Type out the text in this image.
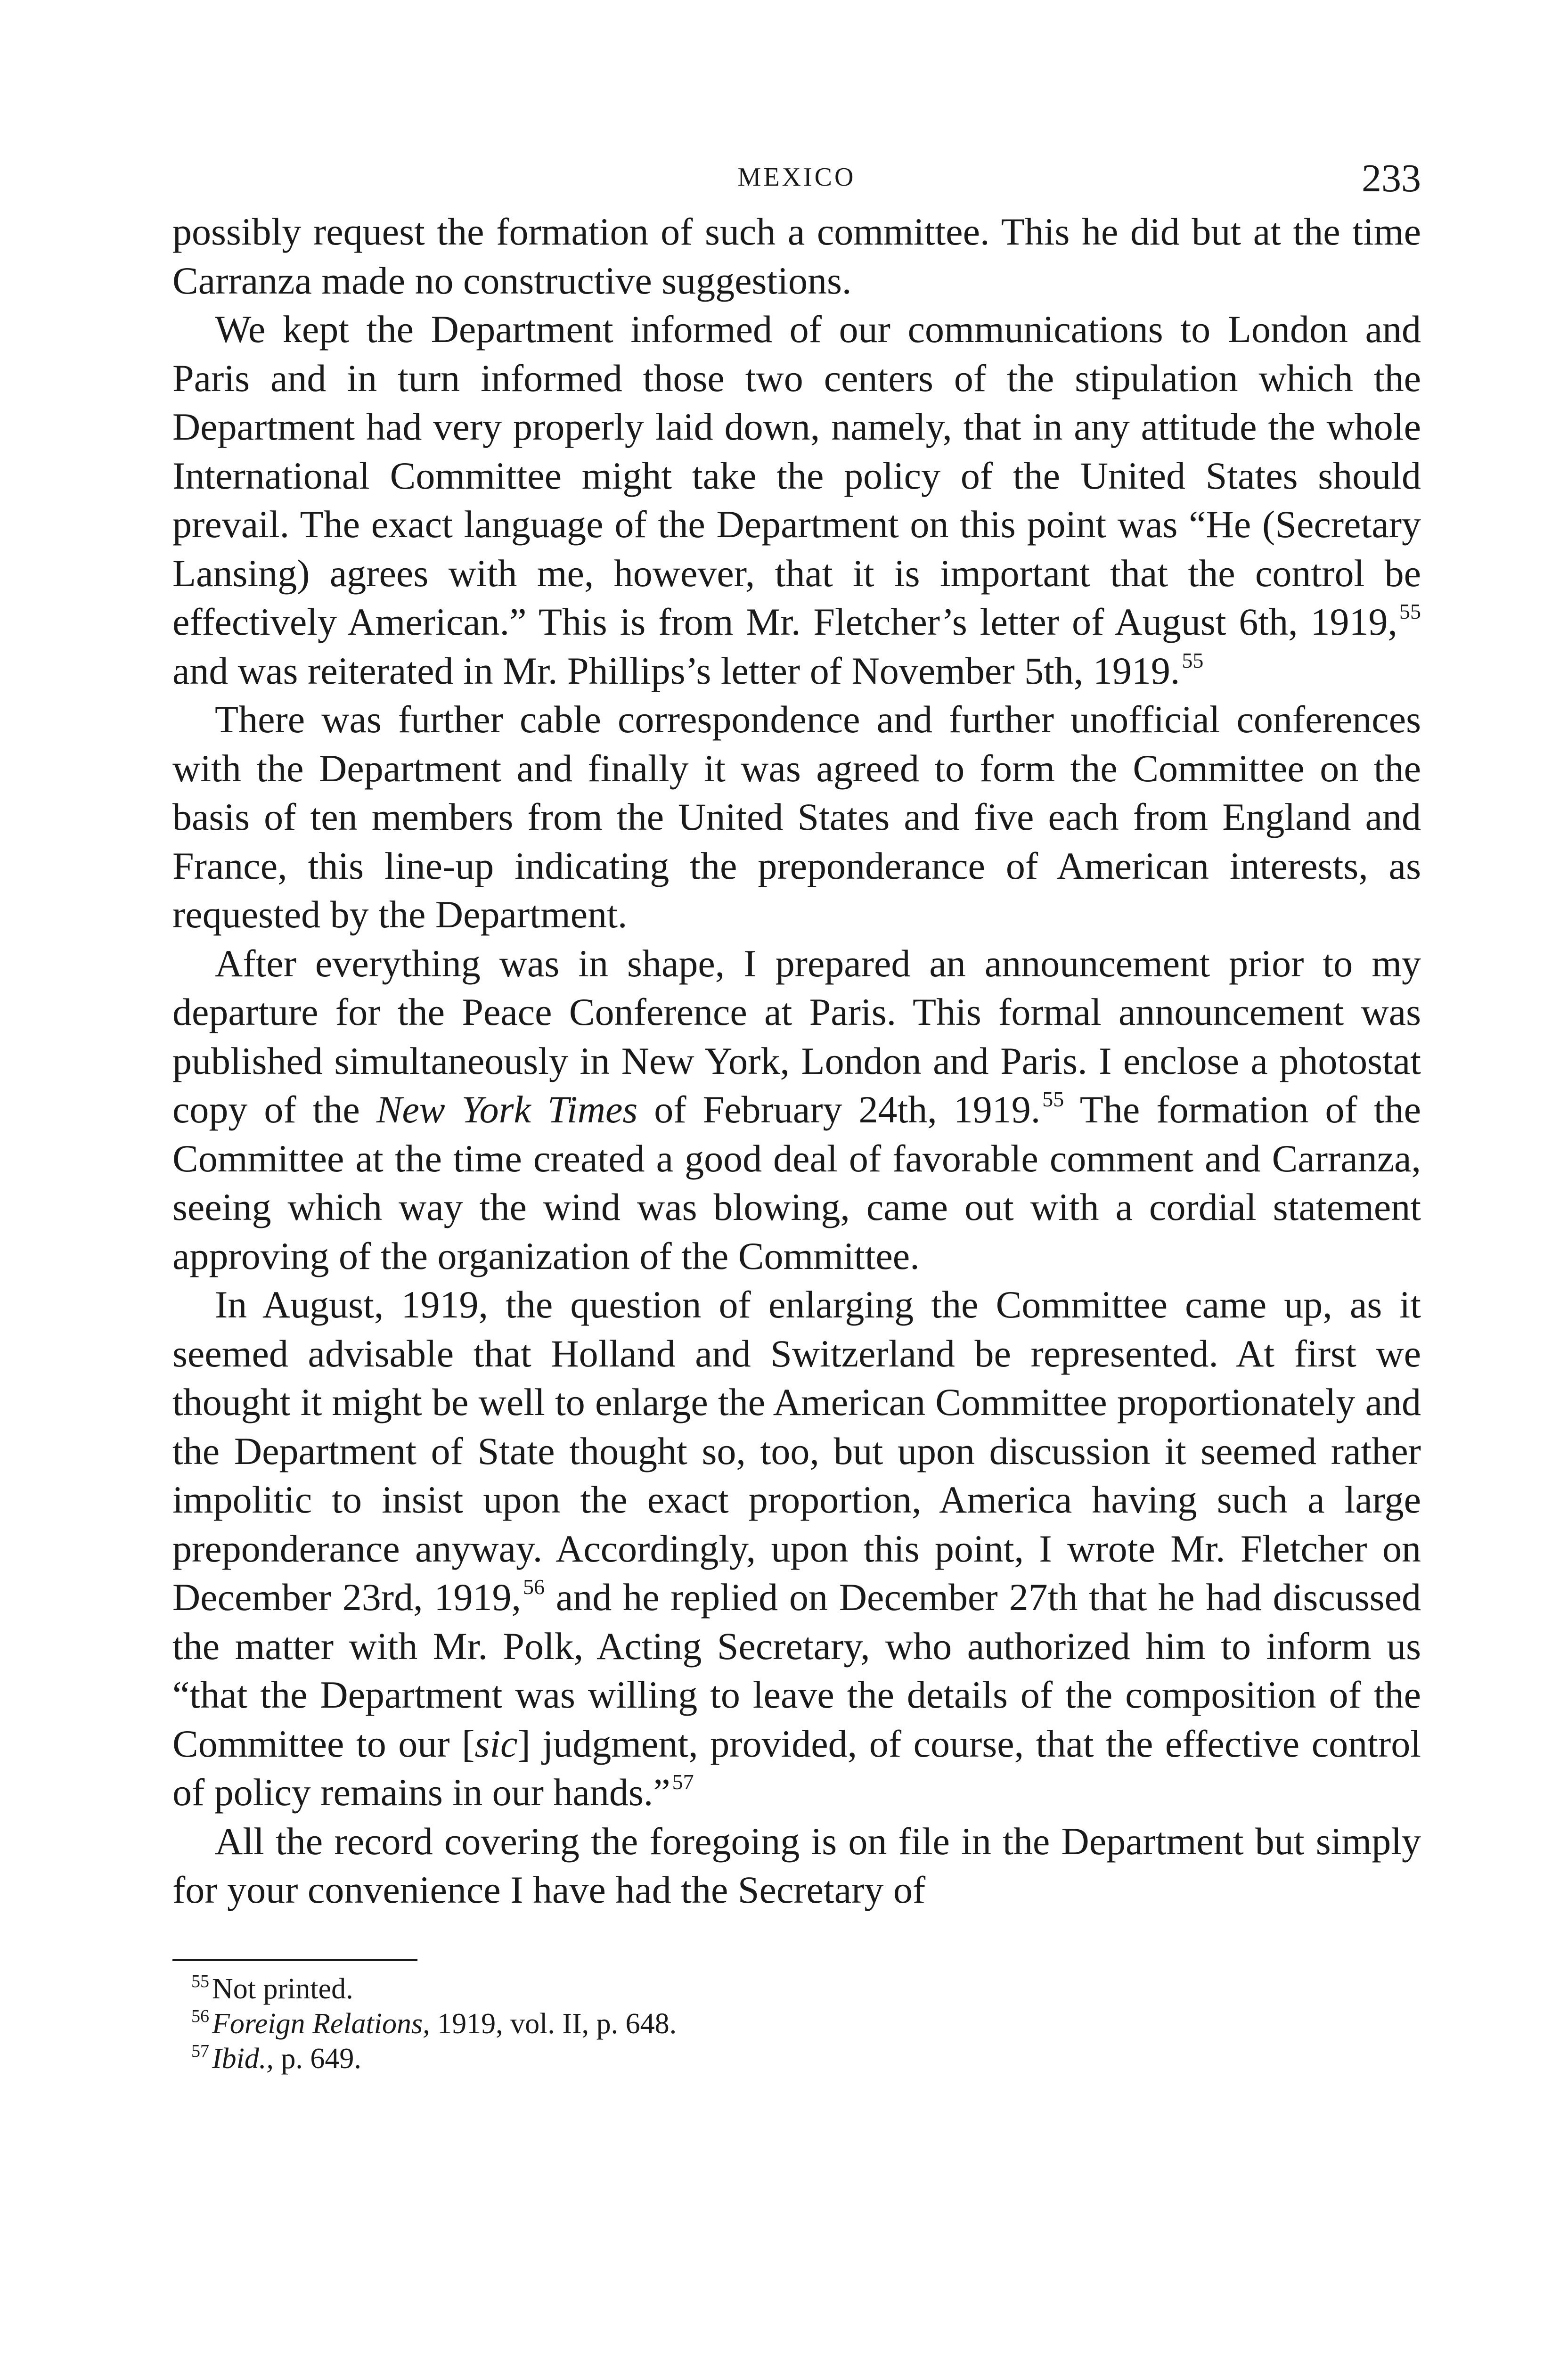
MEXICO	233

possibly request the formation of such a committee. This he did but at the time Carranza made no constructive suggestions.

We kept the Department informed of our communications to London and Paris and in turn informed those two centers of the stipulation which the Department had very properly laid down, namely, that in any attitude the whole International Committee might take the policy of the United States should prevail. The exact language of the Department on this point was “He (Secretary Lansing) agrees with me, however, that it is important that the control be effectively American.” This is from Mr. Fletcher’s letter of August 6th, 1919,55 and was reiterated in Mr. Phillips’s letter of November 5th, 1919.55

There was further cable correspondence and further unofficial conferences with the Department and finally it was agreed to form the Committee on the basis of ten members from the United States and five each from England and France, this line-up indicating the preponderance of American interests, as requested by the Department.

After everything was in shape, I prepared an announcement prior to my departure for the Peace Conference at Paris. This formal announcement was published simultaneously in New York, London and Paris. I enclose a photostat copy of the New York Times of February 24th, 1919.55 The formation of the Committee at the time created a good deal of favorable comment and Carranza, seeing which way the wind was blowing, came out with a cordial statement approving of the organization of the Committee.

In August, 1919, the question of enlarging the Committee came up, as it seemed advisable that Holland and Switzerland be represented. At first we thought it might be well to enlarge the American Committee proportionately and the Department of State thought so, too, but upon discussion it seemed rather impolitic to insist upon the exact proportion, America having such a large preponderance anyway. Accordingly, upon this point, I wrote Mr. Fletcher on December 23rd, 1919,56 and he replied on December 27th that he had discussed the matter with Mr. Polk, Acting Secretary, who authorized him to inform us “that the Department was willing to leave the details of the composition of the Committee to our [sic] judgment, provided, of course, that the effective control of policy remains in our hands.”$^{57}$

All the record covering the foregoing is on file in the Department but simply for your convenience I have had the Secretary of

$^{55}$Not printed.

$^{56}$Foreign Relations, 1919, vol. II, p. 648.

$^{57}$Ibid., p. 649.
